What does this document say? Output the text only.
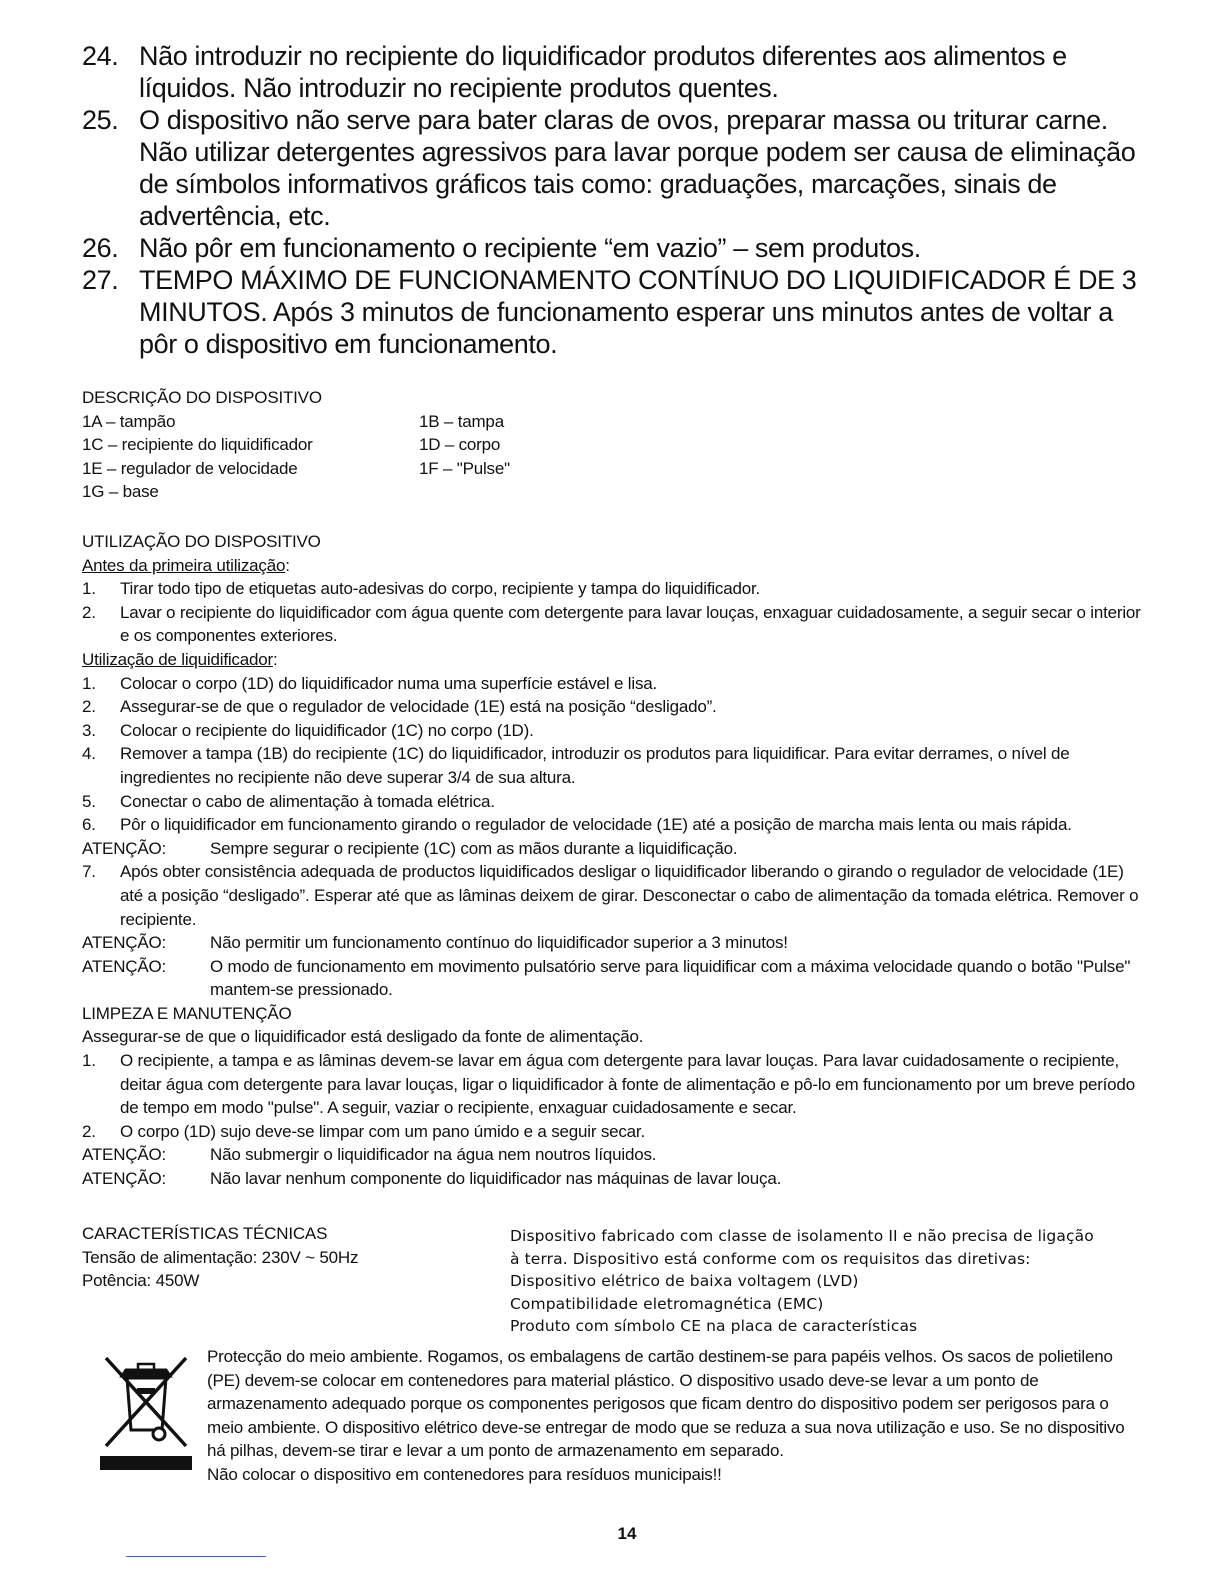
24. Não introduzir no recipiente do liquidificador produtos diferentes aos alimentos e líquidos. Não introduzir no recipiente produtos quentes.
25. O dispositivo não serve para bater claras de ovos, preparar massa ou triturar carne. Não utilizar detergentes agressivos para lavar porque podem ser causa de eliminação de símbolos informativos gráficos tais como: graduações, marcações, sinais de advertência, etc.
26. Não pôr em funcionamento o recipiente “em vazio” – sem produtos.
27. TEMPO MÁXIMO DE FUNCIONAMENTO CONTÍNUO DO LIQUIDIFICADOR É DE 3 MINUTOS. Após 3 minutos de funcionamento esperar uns minutos antes de voltar a pôr o dispositivo em funcionamento.
DESCRIÇÃO DO DISPOSITIVO
1A – tampão	1B – tampa
1C – recipiente do liquidificador	1D – corpo
1E – regulador de velocidade	1F – "Pulse"
1G – base
UTILIZAÇÃO DO DISPOSITIVO
Antes da primeira utilização:
1. Tirar todo tipo de etiquetas auto-adesivas do corpo, recipiente y tampa do liquidificador.
2. Lavar o recipiente do liquidificador com água quente com detergente para lavar louças, enxaguar cuidadosamente, a seguir secar o interior e os componentes exteriores.
Utilização de liquidificador:
1. Colocar o corpo (1D) do liquidificador numa uma superfície estável e lisa.
2. Assegurar-se de que o regulador de velocidade (1E) está na posição “desligado”.
3. Colocar o recipiente do liquidificador (1C) no corpo (1D).
4. Remover a tampa (1B) do recipiente (1C) do liquidificador, introduzir os produtos para liquidificar. Para evitar derrames, o nível de ingredientes no recipiente não deve superar 3/4 de sua altura.
5. Conectar o cabo de alimentação à tomada elétrica.
6. Pôr o liquidificador em funcionamento girando o regulador de velocidade (1E) até a posição de marcha mais lenta ou mais rápida.
ATENÇÃO:	Sempre segurar o recipiente (1C) com as mãos durante a liquidificação.
7. Após obter consistência adequada de productos liquidificados desligar o liquidificador liberando o girando o regulador de velocidade (1E) até a posição “desligado”. Esperar até que as lâminas deixem de girar. Desconectar o cabo de alimentação da tomada elétrica. Remover o recipiente.
ATENÇÃO:	Não permitir um funcionamento contínuo do liquidificador superior a 3 minutos!
ATENÇÃO:	O modo de funcionamento em movimento pulsatório serve para liquidificar com a máxima velocidade quando o botão "Pulse" mantem-se pressionado.
LIMPEZA E MANUTENÇÃO
Assegurar-se de que o liquidificador está desligado da fonte de alimentação.
1. O recipiente, a tampa e as lâminas devem-se lavar em água com detergente para lavar louças. Para lavar cuidadosamente o recipiente, deitar água com detergente para lavar louças, ligar o liquidificador à fonte de alimentação e pô-lo em funcionamento por um breve período de tempo em modo "pulse". A seguir, vaziar o recipiente, enxaguar cuidadosamente e secar.
2. O corpo (1D) sujo deve-se limpar com um pano úmido e a seguir secar.
ATENÇÃO:	Não submergir o liquidificador na água nem noutros líquidos.
ATENÇÃO:	Não lavar nenhum componente do liquidificador nas máquinas de lavar louça.
CARACTERÍSTICAS TÉCNICAS
Tensão de alimentação: 230V ~ 50Hz
Potência: 450W
Dispositivo fabricado com classe de isolamento II e não precisa de ligação
à terra. Dispositivo está conforme com os requisitos das diretivas:
Dispositivo elétrico de baixa voltagem (LVD)
Compatibilidade eletromagnética (EMC)
Produto com símbolo CE na placa de características
Protecção do meio ambiente. Rogamos, os embalagens de cartão destinem-se para papéis velhos. Os sacos de polietileno (PE) devem-se colocar em contenedores para material plástico. O dispositivo usado deve-se levar a um ponto de armazenamento adequado porque os componentes perigosos que ficam dentro do dispositivo podem ser perigosos para o meio ambiente. O dispositivo elétrico deve-se entregar de modo que se reduza a sua nova utilização e uso. Se no dispositivo há pilhas, devem-se tirar e levar a um ponto de armazenamento em separado.
Não colocar o dispositivo em contenedores para resíduos municipais!!
14
